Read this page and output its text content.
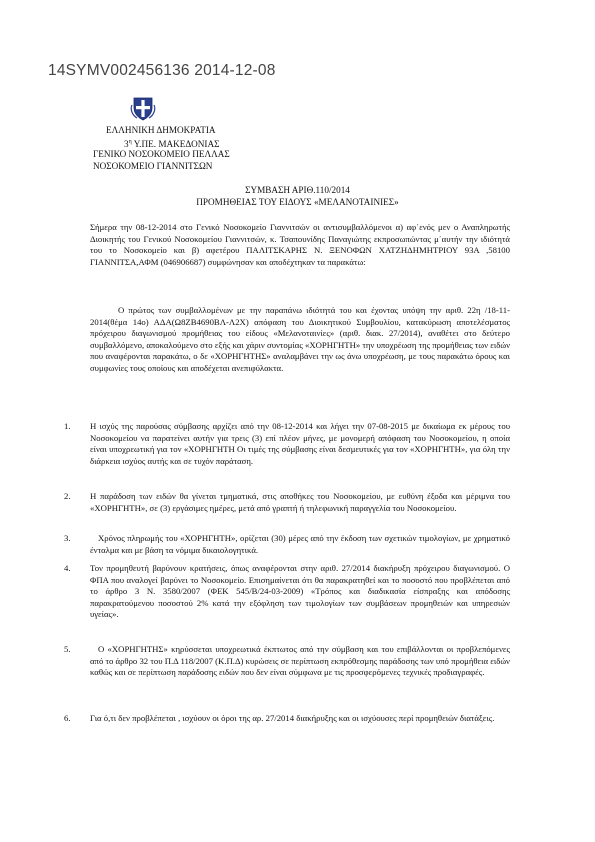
14SYMV002456136 2014-12-08
ΕΛΛΗΝΙΚΗ ΔΗΜΟΚΡΑΤΙΑ
$3^\eta$ Υ.ΠΕ. ΜΑΚΕΔΟΝΙΑΣ
ΓΕΝΙΚΟ ΝΟΣΟΚΟΜΕΙΟ ΠΕΛΛΑΣ
ΝΟΣΟΚΟΜΕΙΟ ΓΙΑΝΝΙΤΣΩΝ
ΣΥΜΒΑΣΗ ΑΡΙΘ.110/2014
ΠΡΟΜΗΘΕΙΑΣ ΤΟΥ ΕΙΔΟΥΣ «ΜΕΛΑΝΟΤΑΙΝΙΕΣ»

Σήμερα την 08-12-2014 στο Γενικό Νοσοκομείο Γιαννιτσών οι αντισυμβαλλόμενοι α) αφ΄ενός μεν ο Αναπληρωτής Διοικητής του Γενικού Νοσοκομείου Γιαννιτσών, κ. Τσαπουνίδης Παναγιώτης εκπροσωπώντας μ΄αυτήν την ιδιότητά του το Νοσοκομείο και β) αφετέρου ΠΑΛΙΤΣΚΑΡΗΣ Ν. ΞΕΝΟΦΩΝ ΧΑΤΖΗΔΗΜΗΤΡΙΟΥ 93Α ,58100 ΓΙΑΝΝΙΤΣΑ,ΑΦΜ (046906687) συμφώνησαν και αποδέχτηκαν τα παρακάτω:

Ο πρώτος των συμβαλλομένων με την παραπάνω ιδιότητά του και έχοντας υπόψη την αριθ. 22η /18-11-2014(θέμα 14ο) ΑΔΑ(Ω8ΖΒ4690ΒΛ-Λ2Χ) απόφαση του Διοικητικού Συμβουλίου, κατακύρωση αποτελέσματος πρόχειρου διαγωνισμού προμήθειας του είδους «Μελανοταινίες» (αριθ. διακ. 27/2014), αναθέτει στο δεύτερο συμβαλλόμενο, αποκαλούμενο στο εξής και χάριν συντομίας «ΧΟΡΗΓΗΤΗ» την υποχρέωση της προμήθειας των ειδών που αναφέρονται παρακάτω, ο δε «ΧΟΡΗΓΗΤΗΣ» αναλαμβάνει την ως άνω υποχρέωση, με τους παρακάτω όρους και συμφωνίες τους οποίους και αποδέχεται ανεπιφύλακτα.

1. Η ισχύς της παρούσας σύμβασης αρχίζει από την 08-12-2014 και λήγει την 07-08-2015 με δικαίωμα εκ μέρους του Νοσοκομείου να παρατείνει αυτήν για τρεις (3) επί πλέον μήνες, με μονομερή απόφαση του Νοσοκομείου, η οποία είναι υποχρεωτική για τον «ΧΟΡΗΓΗΤΗ Οι τιμές της σύμβασης είναι δεσμευτικές για τον «ΧΟΡΗΓΗΤΗ», για όλη την διάρκεια ισχύος αυτής και σε τυχόν παράταση.

2. Η παράδοση των ειδών θα γίνεται τμηματικά, στις αποθήκες του Νοσοκομείου, με ευθύνη έξοδα και μέριμνα του «ΧΟΡΗΓΗΤΗ», σε (3) εργάσιμες ημέρες, μετά από γραπτή ή τηλεφωνική παραγγελία του Νοσοκομείου.

3.	Χρόνος πληρωμής του «ΧΟΡΗΓΗΤΗ», ορίζεται (30) μέρες από την έκδοση των σχετικών τιμολογίων, με χρηματικό ένταλμα και με βάση τα νόμιμα δικαιολογητικά.

4. Τον προμηθευτή βαρύνουν κρατήσεις, όπως αναφέρονται στην αριθ. 27/2014 διακήρυξη πρόχειρου διαγωνισμού. Ο ΦΠΑ που αναλογεί βαρύνει το Νοσοκομείο. Επισημαίνεται ότι θα παρακρατηθεί και το ποσοστό που προβλέπεται από το άρθρο 3 Ν. 3580/2007 (ΦΕΚ 545/Β/24-03-2009) «Τρόπος και διαδικασία είσπραξης και απόδοσης παρακρατούμενου ποσοστού 2% κατά την εξόφληση των τιμολογίων των συμβάσεων προμηθειών και υπηρεσιών υγείας».

5.	Ο «ΧΟΡΗΓΗΤΗΣ» κηρύσσεται υποχρεωτικά έκπτωτος από την σύμβαση και του επιβάλλονται οι προβλεπόμενες από το άρθρο 32 του Π.Δ 118/2007 (Κ.Π.Δ) κυρώσεις σε περίπτωση εκπρόθεσμης παράδοσης των υπό προμήθεια ειδών καθώς και σε περίπτωση παράδοσης ειδών που δεν είναι σύμφωνα με τις προσφερόμενες τεχνικές προδιαγραφές.

6. Για ό,τι δεν προβλέπεται , ισχύουν οι όροι της αρ. 27/2014 διακήρυξης και οι ισχύουσες περί προμηθειών διατάξεις.
